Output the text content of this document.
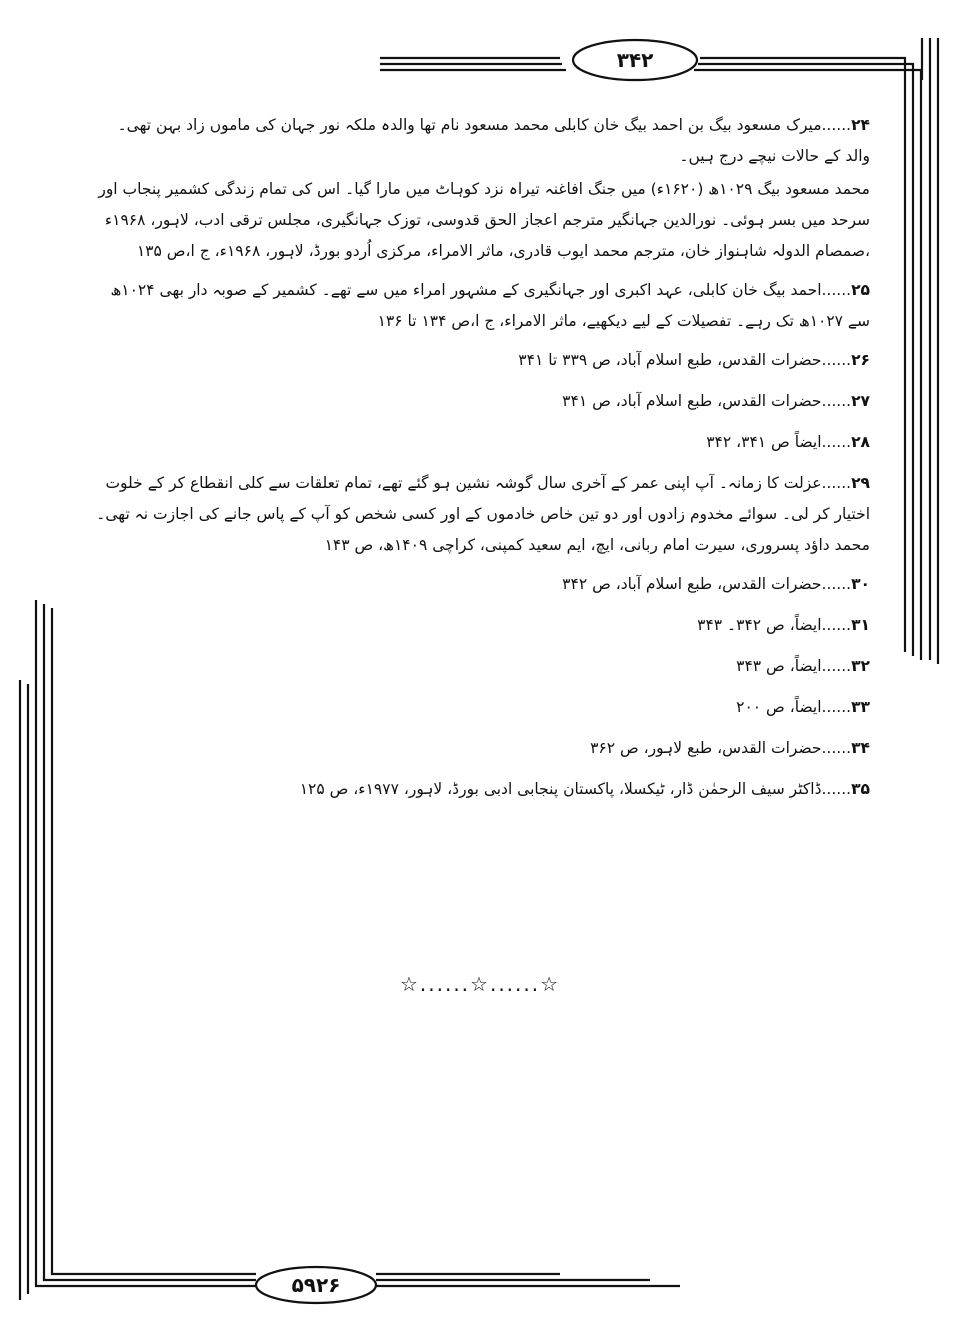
۳۴۲
۵۹۲۶
۲۴......میرک مسعود بیگ بن احمد بیگ خان کابلی محمد مسعود نام تھا والدہ ملکہ نور جہان کی ماموں زاد بہن تھی۔ والد کے حالات نیچے درج ہیں۔
محمد مسعود بیگ ۱۰۲۹ھ (۱۶۲۰ء) میں جنگ افاغنہ تیراہ نزد کوہاٹ میں مارا گیا۔ اس کی تمام زندگی کشمیر پنجاب اور سرحد میں بسر ہوئی۔ نورالدین جہانگیر مترجم اعجاز الحق قدوسی، توزک جہانگیری، مجلس ترقی ادب، لاہور، ۱۹۶۸ء ،صمصام الدولہ شاہنواز خان، مترجم محمد ایوب قادری، ماثر الامراء، مرکزی اُردو بورڈ، لاہور، ۱۹۶۸ء، ج ا،ص ۱۳۵
۲۵......احمد بیگ خان کابلی، عہد اکبری اور جہانگیری کے مشہور امراء میں سے تھے۔ کشمیر کے صوبہ دار بھی ۱۰۲۴ھ سے ۱۰۲۷ھ تک رہے۔ تفصیلات کے لیے دیکھیے، ماثر الامراء، ج ا،ص ۱۳۴ تا ۱۳۶
۲۶......حضرات القدس، طبع اسلام آباد، ص ۳۳۹ تا ۳۴۱
۲۷......حضرات القدس، طبع اسلام آباد، ص ۳۴۱
۲۸......ایضاً ص ۳۴۱، ۳۴۲
۲۹......عزلت کا زمانہ۔ آپ اپنی عمر کے آخری سال گوشہ نشین ہو گئے تھے، تمام تعلقات سے کلی انقطاع کر کے خلوت اختیار کر لی۔ سوائے مخدوم زادوں اور دو تین خاص خادموں کے اور کسی شخص کو آپ کے پاس جانے کی اجازت نہ تھی۔ محمد داؤد پسروری، سیرت امام ربانی، ایچ، ایم سعید کمپنی، کراچی ۱۴۰۹ھ، ص ۱۴۳
۳۰......حضرات القدس، طبع اسلام آباد، ص ۳۴۲
۳۱......ایضاً، ص ۳۴۲۔ ۳۴۳
۳۲......ایضاً، ص ۳۴۳
۳۳......ایضاً، ص ۲۰۰
۳۴......حضرات القدس، طبع لاہور، ص ۳۶۲
۳۵......ڈاکٹر سیف الرحمٰن ڈار، ٹیکسلا، پاکستان پنجابی ادبی بورڈ، لاہور، ۱۹۷۷ء، ص ۱۲۵
☆......☆......☆
